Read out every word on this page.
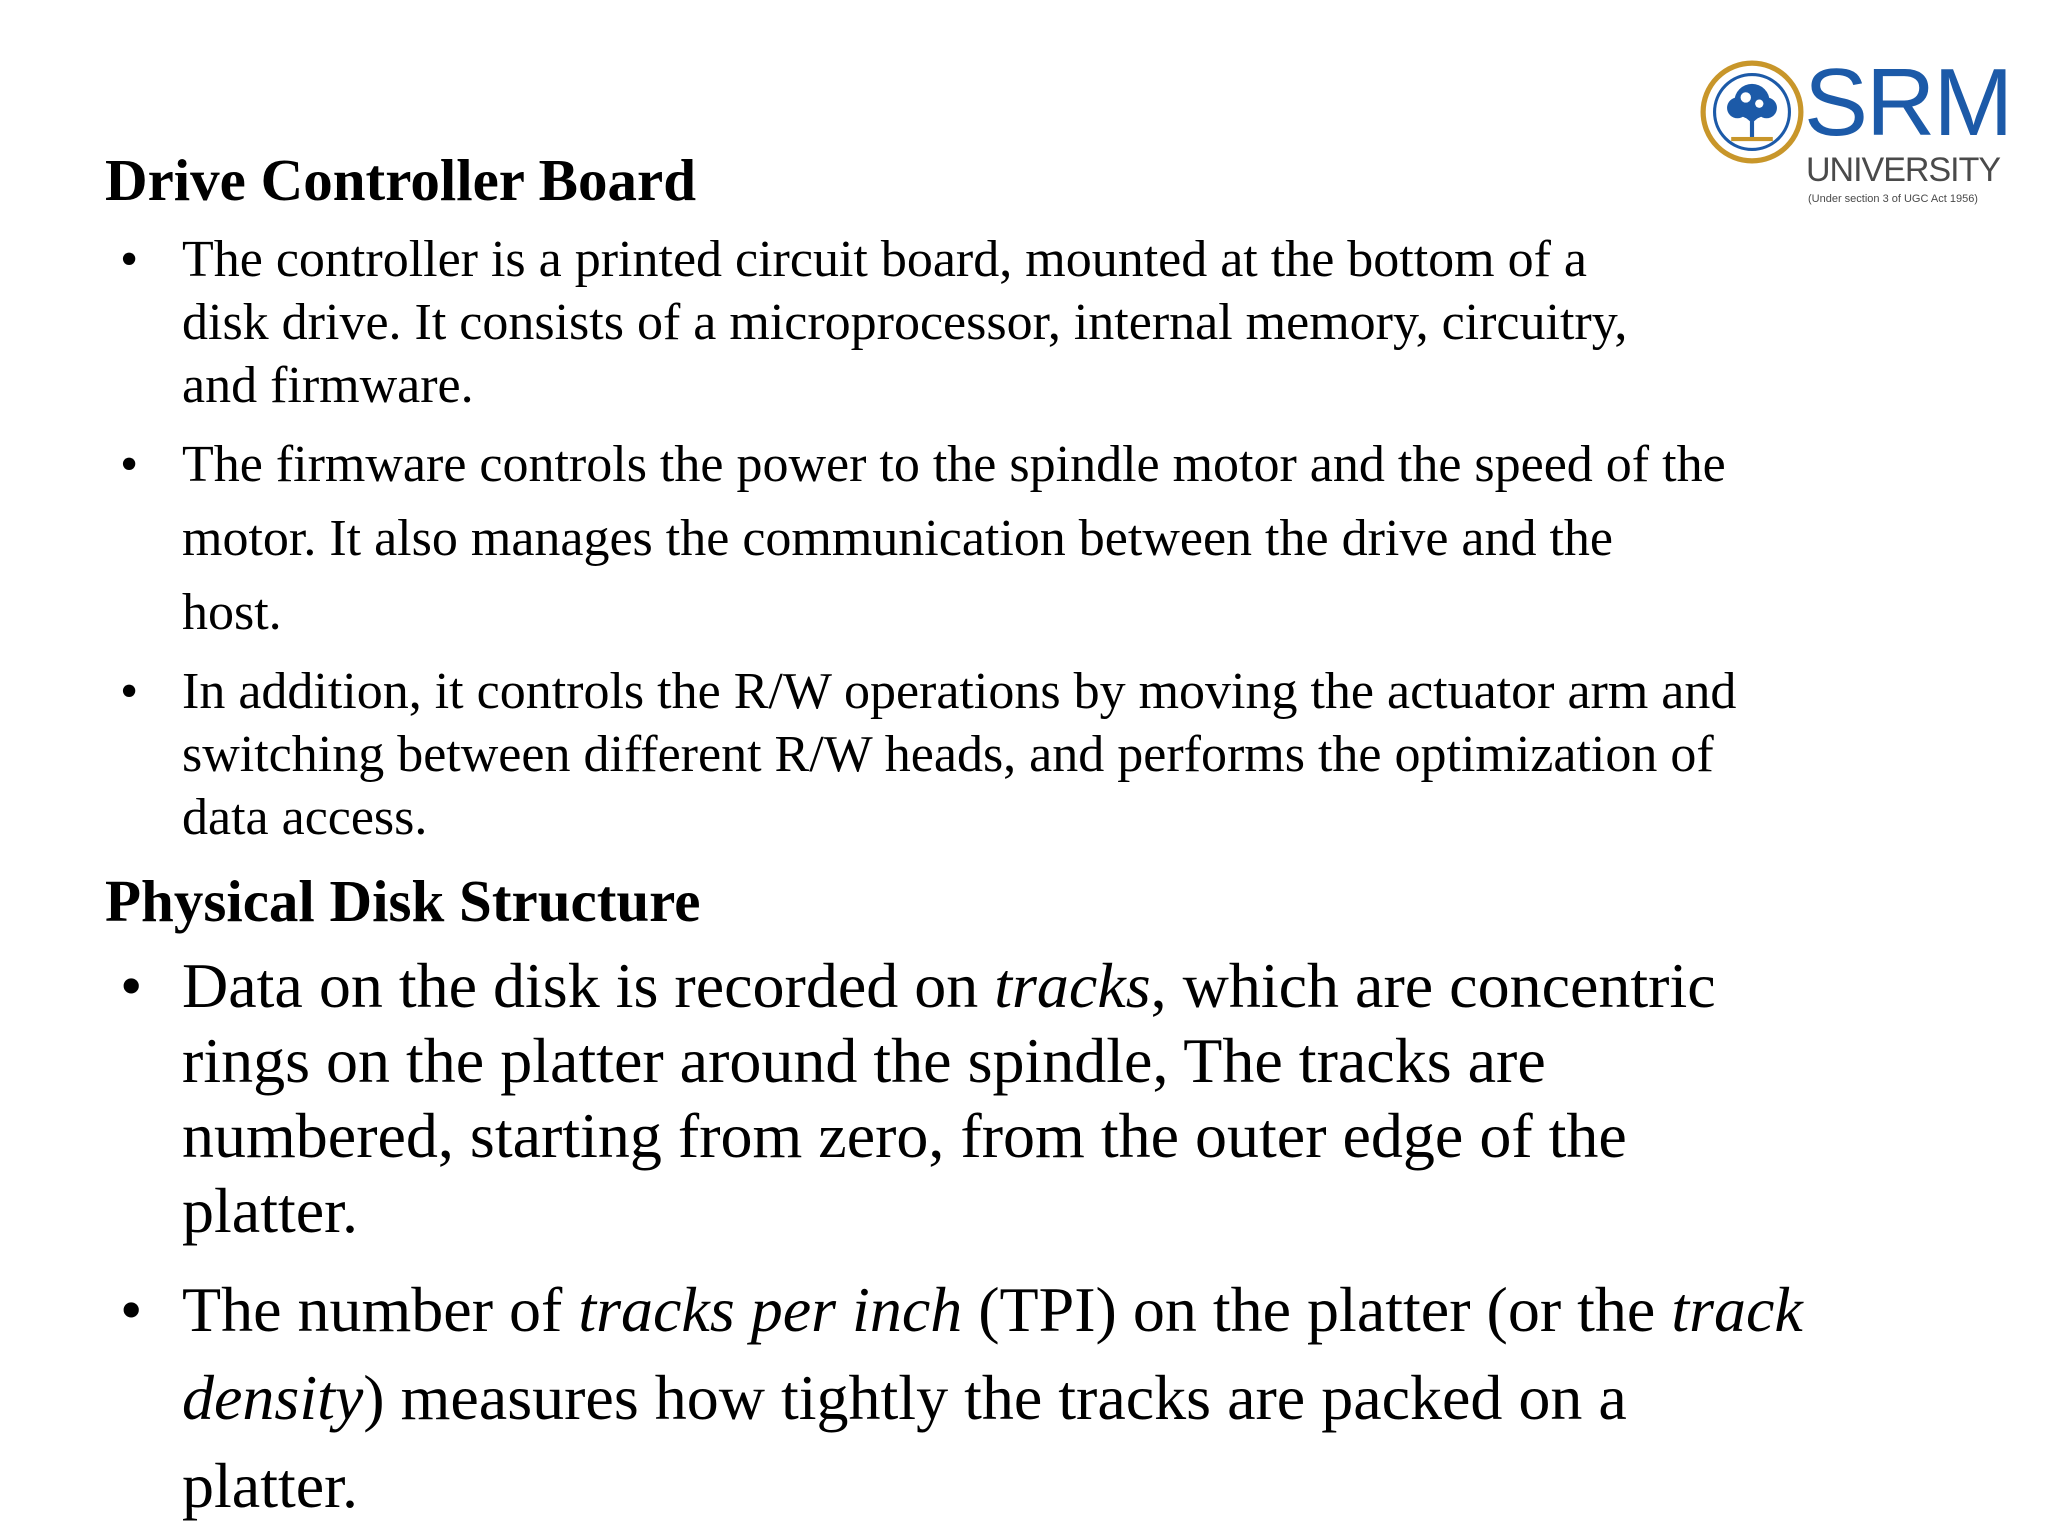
SRM
UNIVERSITY
(Under section 3 of UGC Act 1956)
Drive Controller Board
• The controller is a printed circuit board, mounted at the bottom of a
disk drive. It consists of a microprocessor, internal memory, circuitry,
and firmware.
• The firmware controls the power to the spindle motor and the speed of the
motor. It also manages the communication between the drive and the
host.
• In addition, it controls the R/W operations by moving the actuator arm and
switching between different R/W heads, and performs the optimization of
data access.
Physical Disk Structure
• Data on the disk is recorded on tracks, which are concentric
rings on the platter around the spindle, The tracks are
numbered, starting from zero, from the outer edge of the
platter.
• The number of tracks per inch (TPI) on the platter (or the track
density) measures how tightly the tracks are packed on a
platter.
